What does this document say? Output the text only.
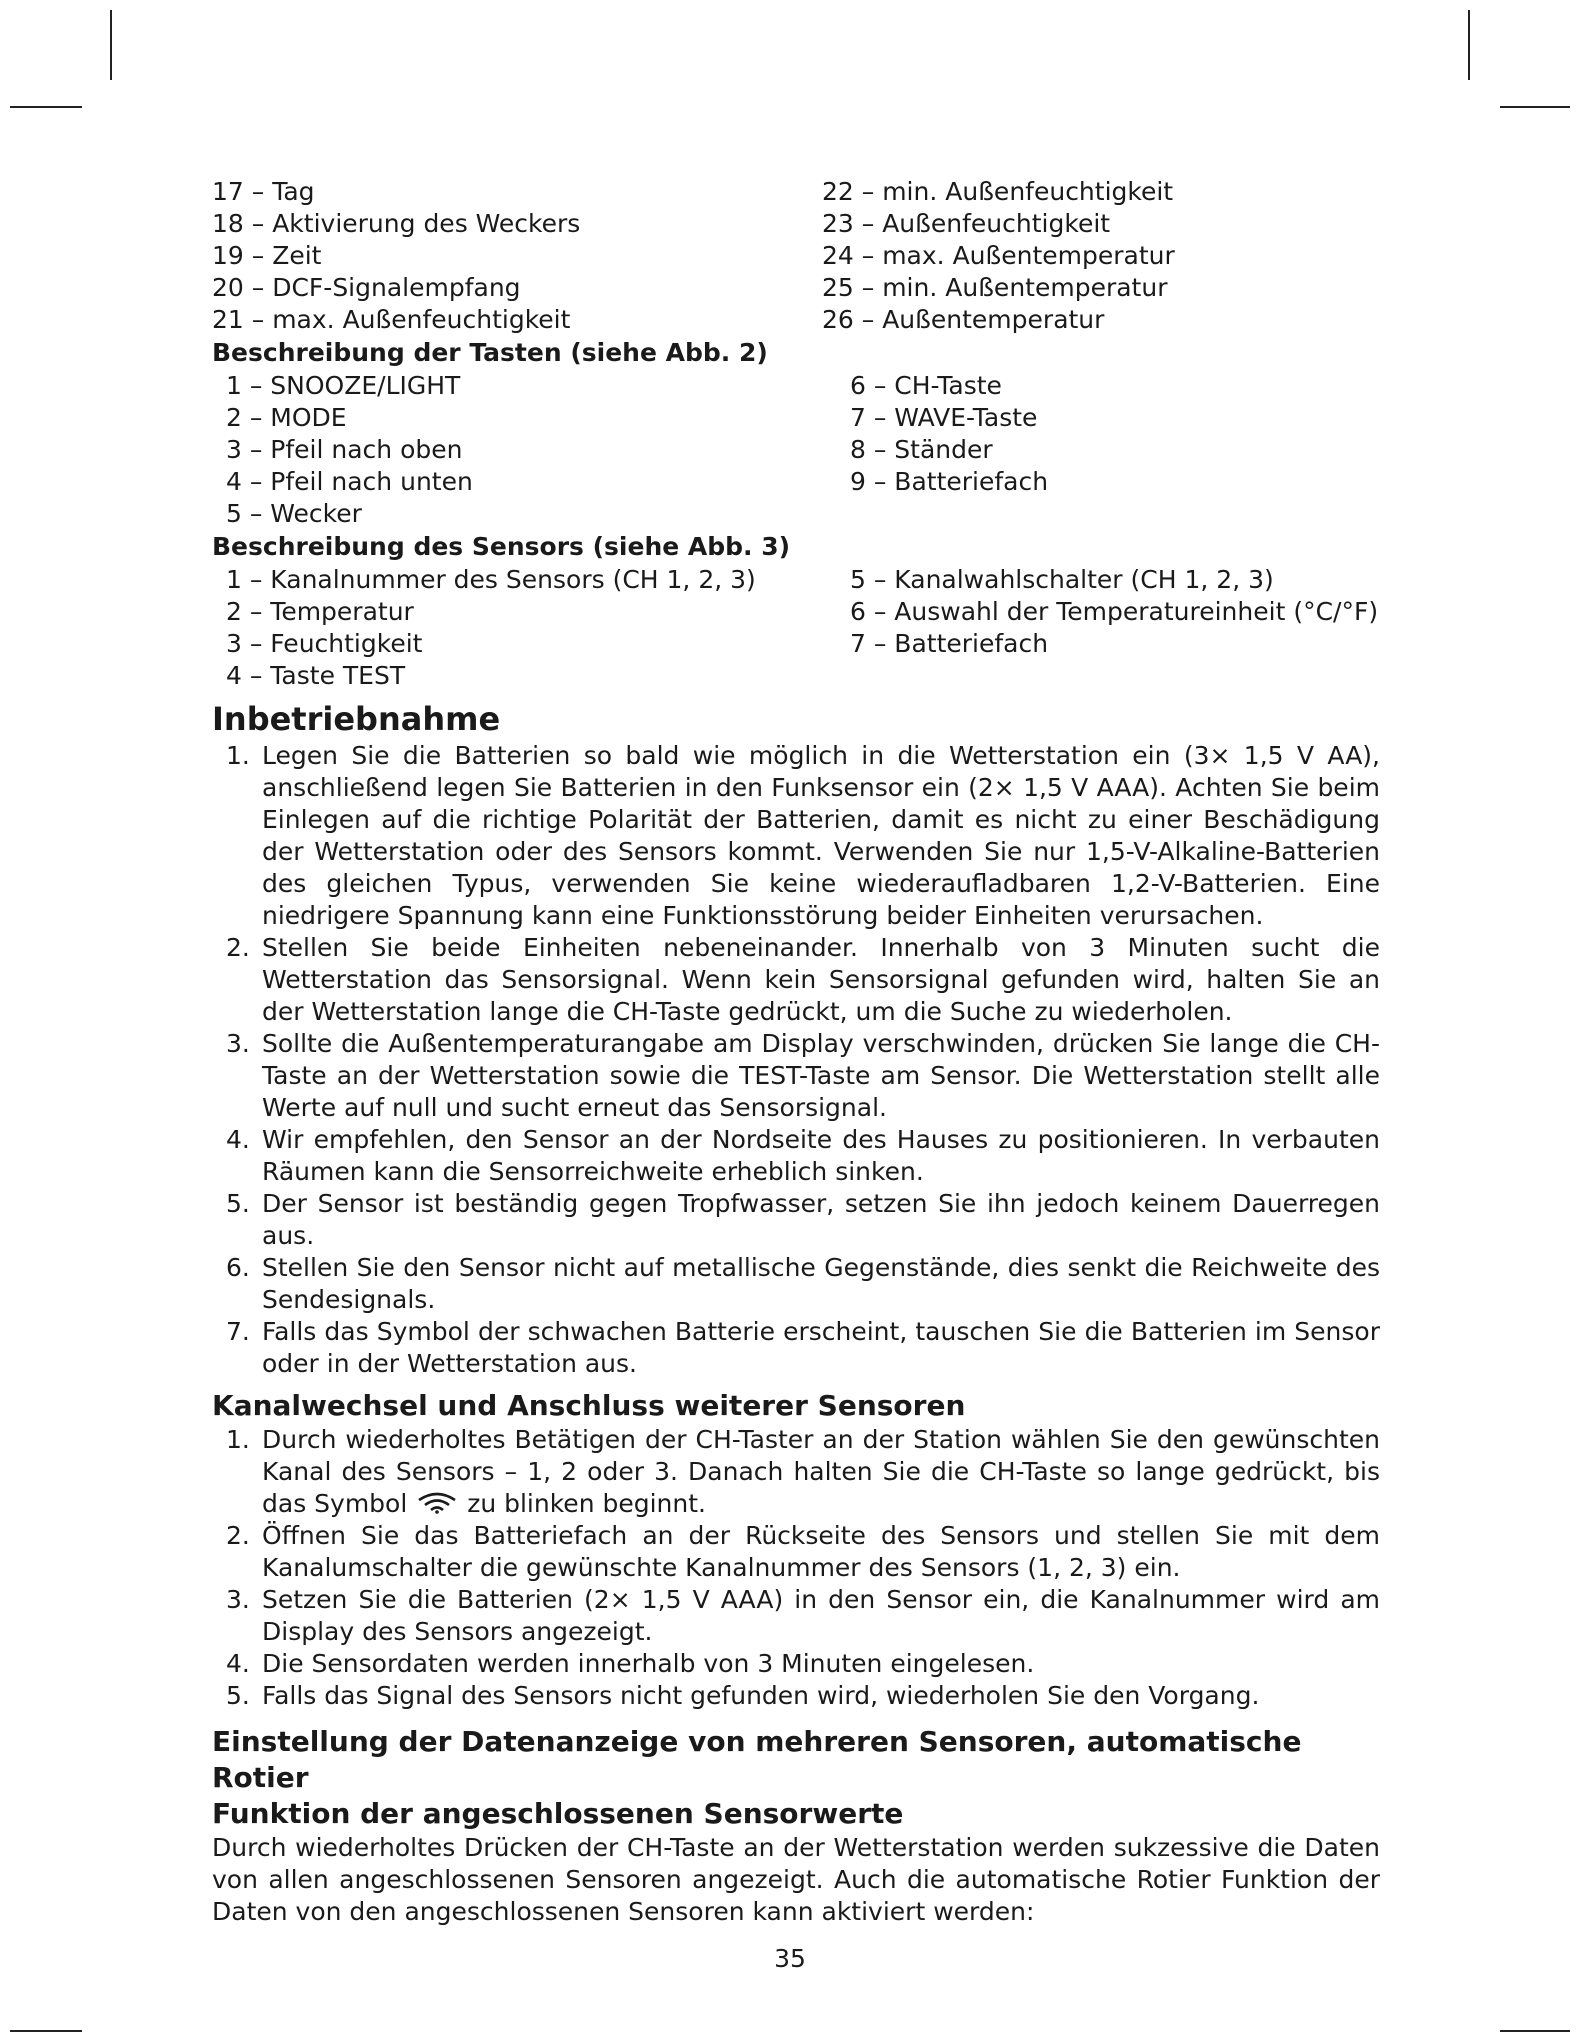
17 – Tag
18 – Aktivierung des Weckers
19 – Zeit
20 – DCF-Signalempfang
21 – max. Außenfeuchtigkeit
22 – min. Außenfeuchtigkeit
23 – Außenfeuchtigkeit
24 – max. Außentemperatur
25 – min. Außentemperatur
26 – Außentemperatur
Beschreibung der Tasten (siehe Abb. 2)
1 – SNOOZE/LIGHT
2 – MODE
3 – Pfeil nach oben
4 – Pfeil nach unten
5 – Wecker
6 – CH-Taste
7 – WAVE-Taste
8 – Ständer
9 – Batteriefach
Beschreibung des Sensors (siehe Abb. 3)
1 – Kanalnummer des Sensors (CH 1, 2, 3)
2 – Temperatur
3 – Feuchtigkeit
4 – Taste TEST
5 – Kanalwahlschalter (CH 1, 2, 3)
6 – Auswahl der Temperatureinheit (°C/°F)
7 – Batteriefach
Inbetriebnahme
1. Legen Sie die Batterien so bald wie möglich in die Wetterstation ein (3× 1,5 V AA), anschließend legen Sie Batterien in den Funksensor ein (2× 1,5 V AAA). Achten Sie beim Einlegen auf die richtige Polarität der Batterien, damit es nicht zu einer Beschädigung der Wetterstation oder des Sensors kommt. Verwenden Sie nur 1,5-V-Alkaline-Batterien des gleichen Typus, verwenden Sie keine wiederaufladbaren 1,2-V-Batterien. Eine niedrigere Spannung kann eine Funktionsstörung beider Einheiten verursachen.
2. Stellen Sie beide Einheiten nebeneinander. Innerhalb von 3 Minuten sucht die Wetterstation das Sensorsignal. Wenn kein Sensorsignal gefunden wird, halten Sie an der Wetterstation lange die CH-Taste gedrückt, um die Suche zu wiederholen.
3. Sollte die Außentemperaturangabe am Display verschwinden, drücken Sie lange die CH-Taste an der Wetterstation sowie die TEST-Taste am Sensor. Die Wetterstation stellt alle Werte auf null und sucht erneut das Sensorsignal.
4. Wir empfehlen, den Sensor an der Nordseite des Hauses zu positionieren. In verbauten Räumen kann die Sensorreichweite erheblich sinken.
5. Der Sensor ist beständig gegen Tropfwasser, setzen Sie ihn jedoch keinem Dauerregen aus.
6. Stellen Sie den Sensor nicht auf metallische Gegenstände, dies senkt die Reichweite des Sendesignals.
7. Falls das Symbol der schwachen Batterie erscheint, tauschen Sie die Batterien im Sensor oder in der Wetterstation aus.
Kanalwechsel und Anschluss weiterer Sensoren
1. Durch wiederholtes Betätigen der CH-Taster an der Station wählen Sie den gewünschten Kanal des Sensors – 1, 2 oder 3. Danach halten Sie die CH-Taste so lange gedrückt, bis das Symbol zu blinken beginnt.
2. Öffnen Sie das Batteriefach an der Rückseite des Sensors und stellen Sie mit dem Kanalumschalter die gewünschte Kanalnummer des Sensors (1, 2, 3) ein.
3. Setzen Sie die Batterien (2× 1,5 V AAA) in den Sensor ein, die Kanalnummer wird am Display des Sensors angezeigt.
4. Die Sensordaten werden innerhalb von 3 Minuten eingelesen.
5. Falls das Signal des Sensors nicht gefunden wird, wiederholen Sie den Vorgang.
Einstellung der Datenanzeige von mehreren Sensoren, automatische Rotier
Funktion der angeschlossenen Sensorwerte
Durch wiederholtes Drücken der CH-Taste an der Wetterstation werden sukzessive die Daten von allen angeschlossenen Sensoren angezeigt. Auch die automatische Rotier Funktion der Daten von den angeschlossenen Sensoren kann aktiviert werden:
35
